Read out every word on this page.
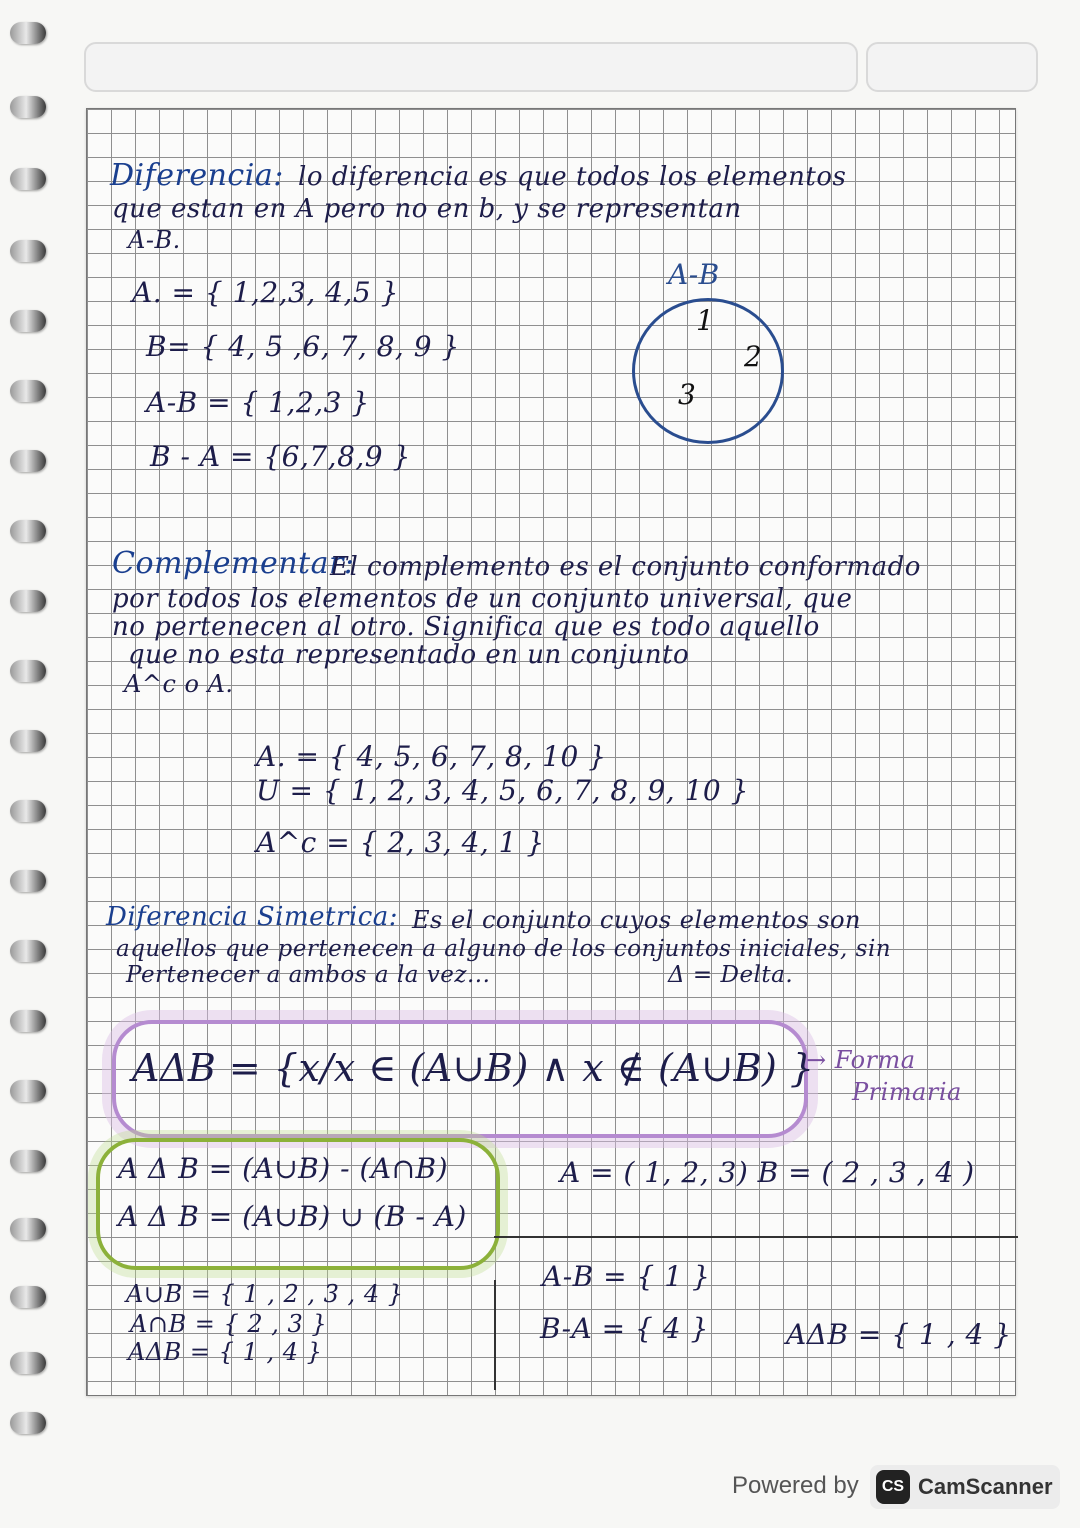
Diferencia: lo diferencia es que todos los elementos
que estan en A pero no en b, y se representan
A-B.
A. = { 1,2,3, 4,5 }
B= { 4, 5 ,6, 7, 8, 9 }
A-B = { 1,2,3 }
B - A = {6,7,8,9 }
A-B
1
2
3
Complementar:
El complemento es el conjunto conformado
por todos los elementos de un conjunto universal, que
no pertenecen al otro. Significa que es todo aquello
que no esta representado en un conjunto
A^c o A.
A. = { 4, 5, 6, 7, 8, 10 }
U = { 1, 2, 3, 4, 5, 6, 7, 8, 9, 10 }
A^c = { 2, 3, 4, 1 }
Diferencia Simetrica: Es el conjunto cuyos elementos son
aquellos que pertenecen a alguno de los conjuntos iniciales, sin
Pertenecer a ambos a la vez...	Δ = Delta.
AΔB = {x/x ∈ (A∪B) ∧ x ∉ (A∪B) }
→ Forma
Primaria
A Δ B = (A∪B) - (A∩B)
A Δ B = (A∪B) ∪ (B - A)
A = ( 1, 2, 3) B = ( 2 , 3 , 4 )
A∪B = { 1 , 2 , 3 , 4 }
A∩B = { 2 , 3 }
AΔB = { 1 , 4 }
A-B = { 1 }
B-A = { 4 }	AΔB = { 1 , 4 }
Powered by	CS CamScanner
